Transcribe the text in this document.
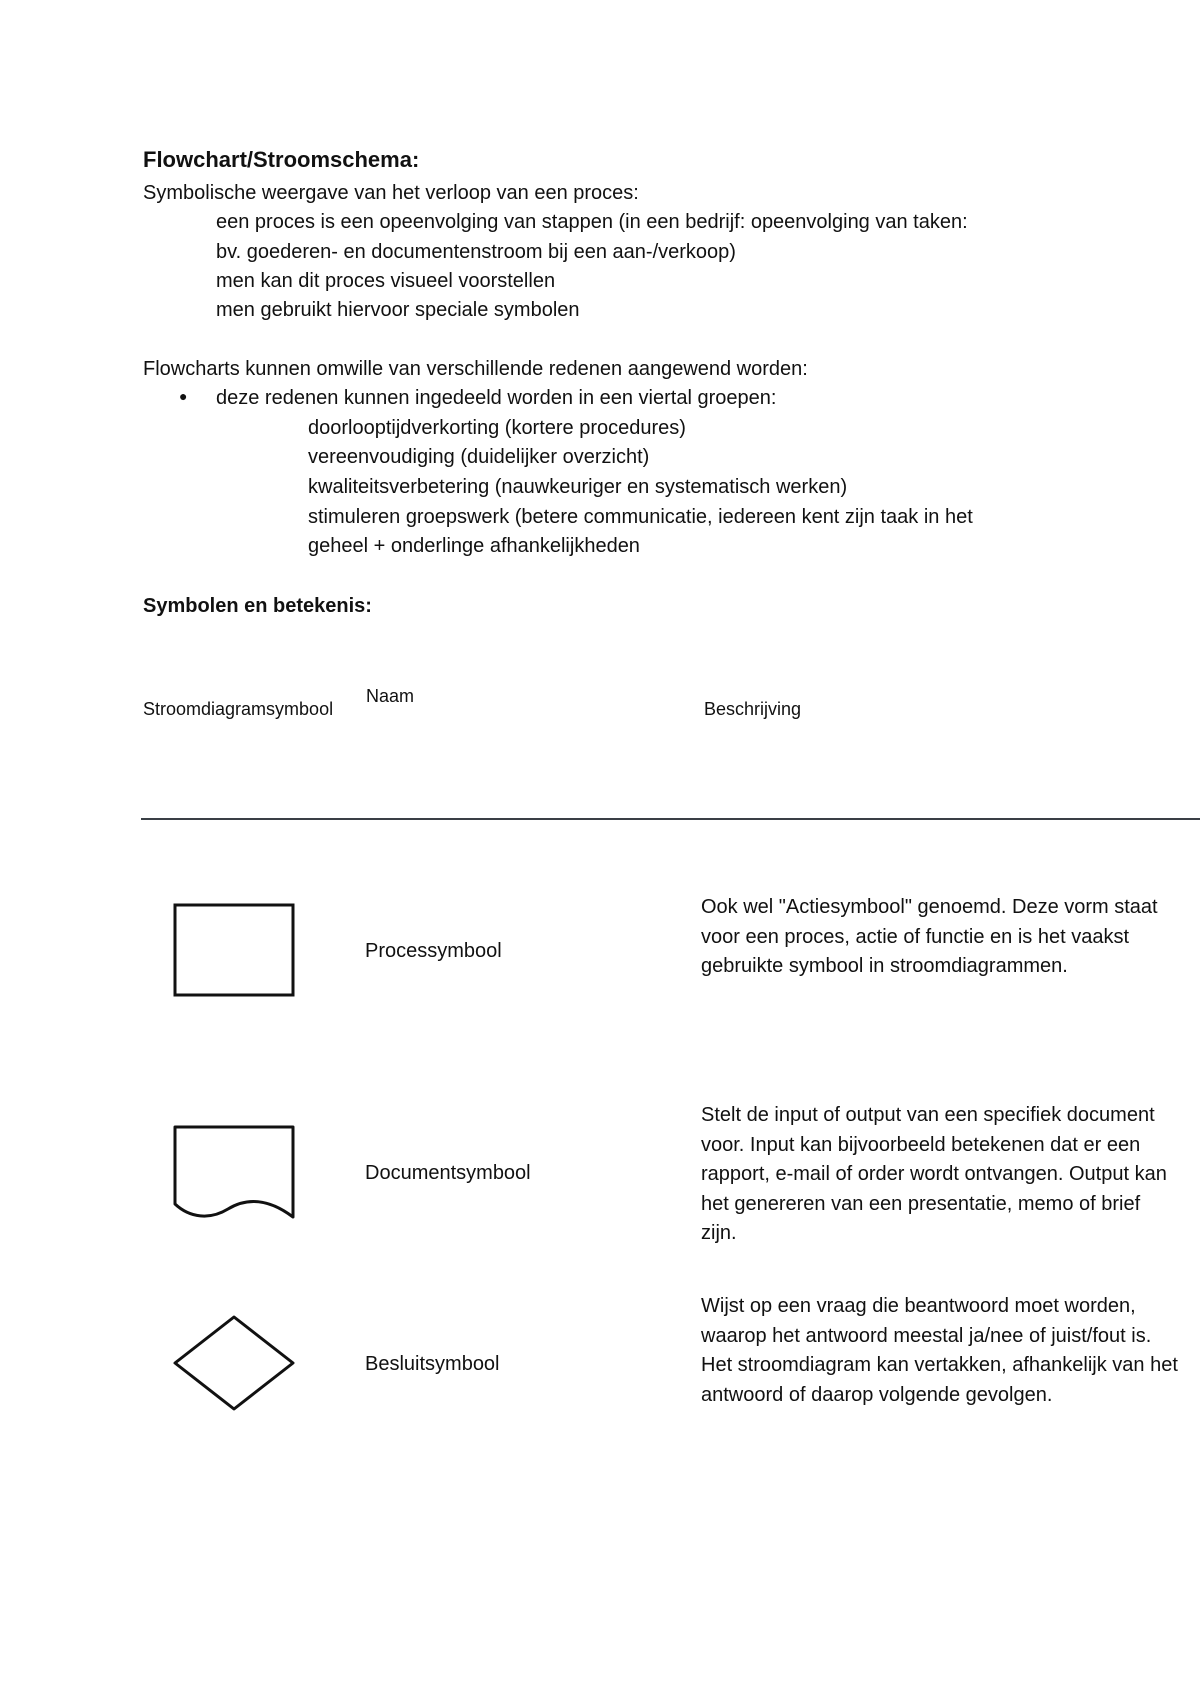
Flowchart/Stroomschema:
Symbolische weergave van het verloop van een proces:
een proces is een opeenvolging van stappen (in een bedrijf: opeenvolging van taken:
bv. goederen- en documentenstroom bij een aan-/verkoop)
men kan dit proces visueel voorstellen
men gebruikt hiervoor speciale symbolen
Flowcharts kunnen omwille van verschillende redenen aangewend worden:
● deze redenen kunnen ingedeeld worden in een viertal groepen:
doorlooptijdverkorting (kortere procedures)
vereenvoudiging (duidelijker overzicht)
kwaliteitsverbetering (nauwkeuriger en systematisch werken)
stimuleren groepswerk (betere communicatie, iedereen kent zijn taak in het
geheel + onderlinge afhankelijkheden
Symbolen en betekenis:
Stroomdiagramsymbool
Naam
Beschrijving
Processymbool
Ook wel "Actiesymbool" genoemd. Deze vorm staat voor een proces, actie of functie en is het vaakst gebruikte symbool in stroomdiagrammen.
Documentsymbool
Stelt de input of output van een specifiek document voor. Input kan bijvoorbeeld betekenen dat er een rapport, e-mail of order wordt ontvangen. Output kan het genereren van een presentatie, memo of brief zijn.
Besluitsymbool
Wijst op een vraag die beantwoord moet worden, waarop het antwoord meestal ja/nee of juist/fout is. Het stroomdiagram kan vertakken, afhankelijk van het antwoord of daarop volgende gevolgen.
